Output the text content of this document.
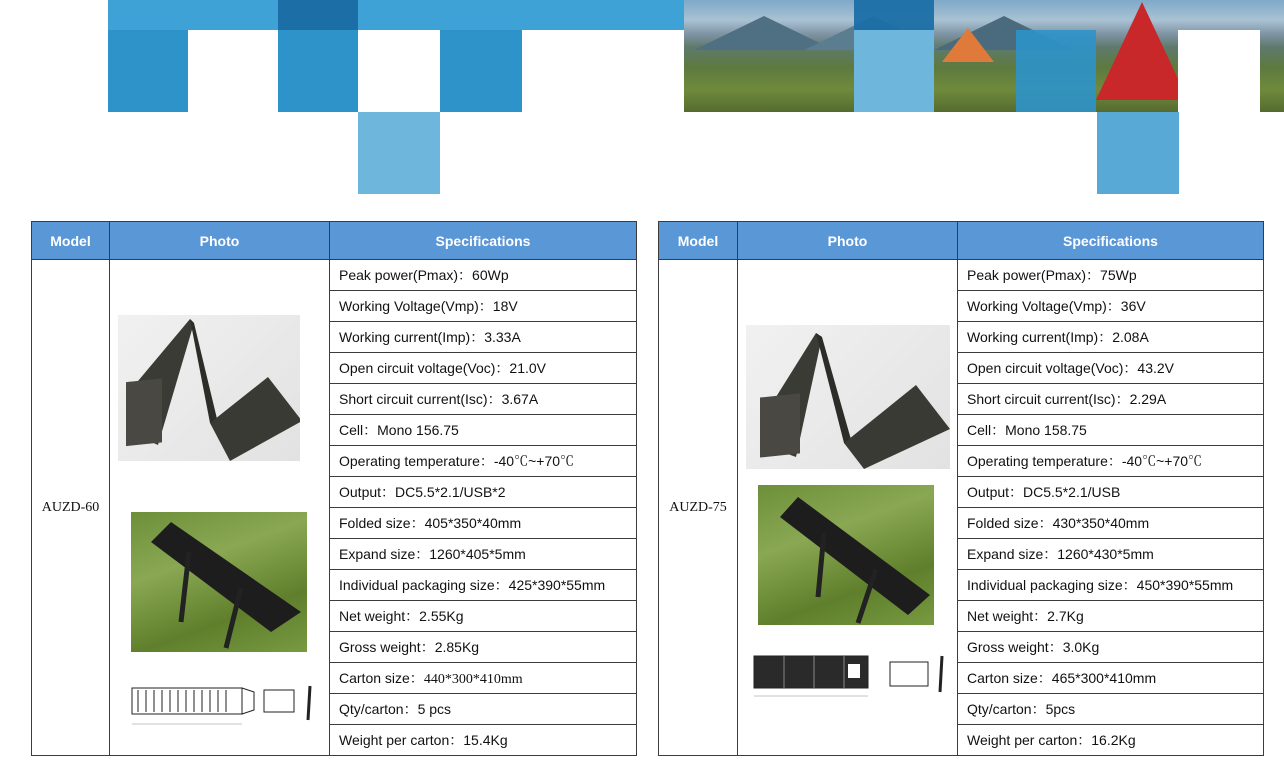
Model	Photo	Specifications
AUZD-60		Peak power(Pmax)：60Wp
		Working Voltage(Vmp)：18V
		Working current(Imp)：3.33A
		Open circuit voltage(Voc)：21.0V
		Short circuit current(Isc)：3.67A
		Cell：Mono 156.75
		Operating temperature：-40℃~+70℃
		Output：DC5.5*2.1/USB*2
		Folded size：405*350*40mm
		Expand size：1260*405*5mm
		Individual packaging size：425*390*55mm
		Net weight：2.55Kg
		Gross weight：2.85Kg
		Carton size：440*300*410mm
		Qty/carton：5 pcs
		Weight per carton：15.4Kg
Model	Photo	Specifications
AUZD-75		Peak power(Pmax)：75Wp
		Working Voltage(Vmp)：36V
		Working current(Imp)：2.08A
		Open circuit voltage(Voc)：43.2V
		Short circuit current(Isc)：2.29A
		Cell：Mono 158.75
		Operating temperature：-40℃~+70℃
		Output：DC5.5*2.1/USB
		Folded size：430*350*40mm
		Expand size：1260*430*5mm
		Individual packaging size：450*390*55mm
		Net weight：2.7Kg
		Gross weight：3.0Kg
		Carton size：465*300*410mm
		Qty/carton：5pcs
		Weight per carton：16.2Kg
